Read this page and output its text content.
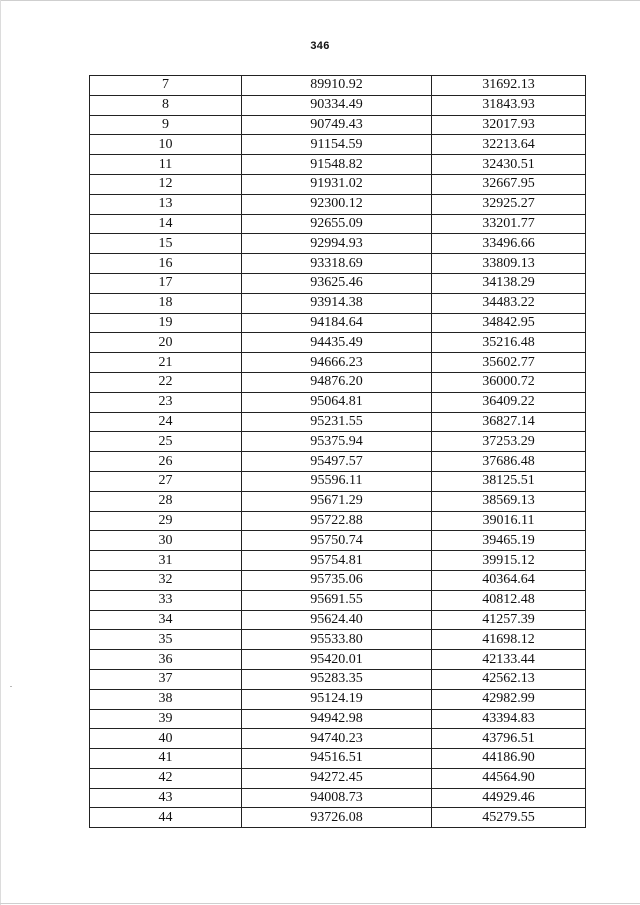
346
7	89910.92	31692.13
8	90334.49	31843.93
9	90749.43	32017.93
10	91154.59	32213.64
11	91548.82	32430.51
12	91931.02	32667.95
13	92300.12	32925.27
14	92655.09	33201.77
15	92994.93	33496.66
16	93318.69	33809.13
17	93625.46	34138.29
18	93914.38	34483.22
19	94184.64	34842.95
20	94435.49	35216.48
21	94666.23	35602.77
22	94876.20	36000.72
23	95064.81	36409.22
24	95231.55	36827.14
25	95375.94	37253.29
26	95497.57	37686.48
27	95596.11	38125.51
28	95671.29	38569.13
29	95722.88	39016.11
30	95750.74	39465.19
31	95754.81	39915.12
32	95735.06	40364.64
33	95691.55	40812.48
34	95624.40	41257.39
35	95533.80	41698.12
36	95420.01	42133.44
37	95283.35	42562.13
38	95124.19	42982.99
39	94942.98	43394.83
40	94740.23	43796.51
41	94516.51	44186.90
42	94272.45	44564.90
43	94008.73	44929.46
44	93726.08	45279.55
